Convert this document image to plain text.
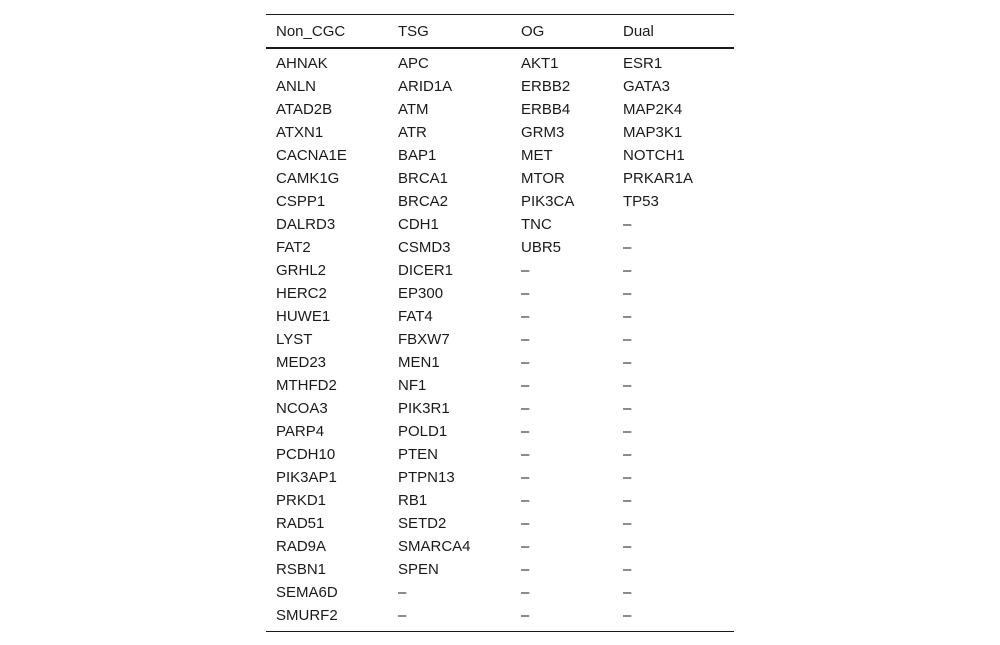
Non_CGC	TSG	OG	Dual
AHNAK	APC	AKT1	ESR1
ANLN	ARID1A	ERBB2	GATA3
ATAD2B	ATM	ERBB4	MAP2K4
ATXN1	ATR	GRM3	MAP3K1
CACNA1E	BAP1	MET	NOTCH1
CAMK1G	BRCA1	MTOR	PRKAR1A
CSPP1	BRCA2	PIK3CA	TP53
DALRD3	CDH1	TNC	–
FAT2	CSMD3	UBR5	–
GRHL2	DICER1	–	–
HERC2	EP300	–	–
HUWE1	FAT4	–	–
LYST	FBXW7	–	–
MED23	MEN1	–	–
MTHFD2	NF1	–	–
NCOA3	PIK3R1	–	–
PARP4	POLD1	–	–
PCDH10	PTEN	–	–
PIK3AP1	PTPN13	–	–
PRKD1	RB1	–	–
RAD51	SETD2	–	–
RAD9A	SMARCA4	–	–
RSBN1	SPEN	–	–
SEMA6D	–	–	–
SMURF2	–	–	–
